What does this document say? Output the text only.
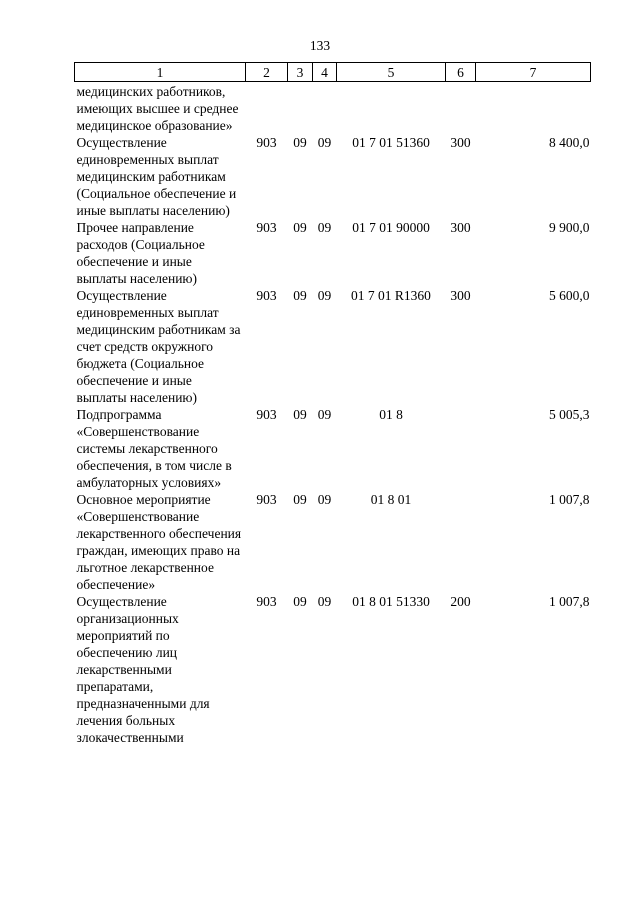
133
1	2	3	4	5	6	7
медицинских работников, имеющих высшее и среднее медицинское образование»						
Осуществление единовременных выплат медицинским работникам (Социальное обеспечение и иные выплаты населению)	903	09	09	01 7 01 51360	300	8 400,0
Прочее направление расходов (Социальное обеспечение и иные выплаты населению)	903	09	09	01 7 01 90000	300	9 900,0
Осуществление единовременных выплат медицинским работникам за счет средств окружного бюджета (Социальное обеспечение и иные выплаты населению)	903	09	09	01 7 01 R1360	300	5 600,0
Подпрограмма «Совершенствование системы лекарственного обеспечения, в том числе в амбулаторных условиях»	903	09	09	01 8		5 005,3
Основное мероприятие «Совершенствование лекарственного обеспечения граждан, имеющих право на льготное лекарственное обеспечение»	903	09	09	01 8 01		1 007,8
Осуществление организационных мероприятий по обеспечению лиц лекарственными препаратами, предназначенными для лечения больных злокачественными	903	09	09	01 8 01 51330	200	1 007,8
